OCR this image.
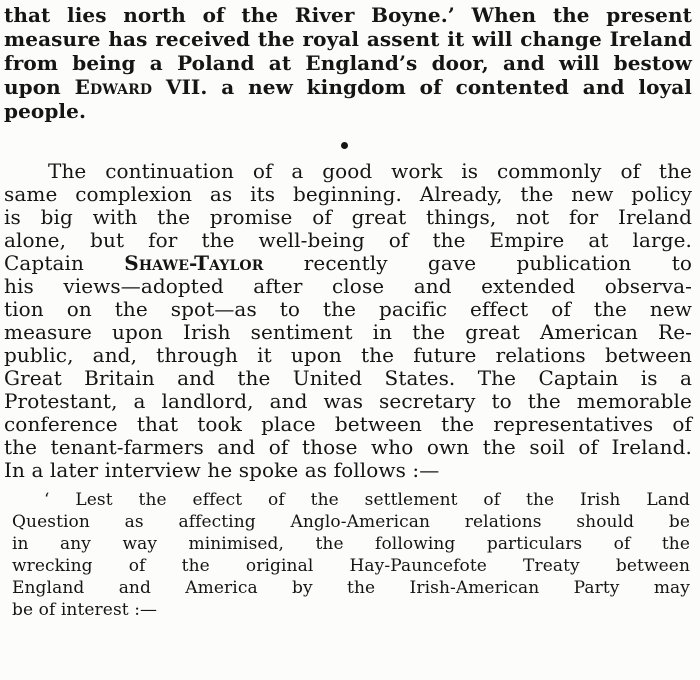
that lies north of the River Boyne.’ When the present
measure has received the royal assent it will change Ireland
from being a Poland at England’s door, and will bestow
upon Edward VII. a new kingdom of contented and loyal
people.
The continuation of a good work is commonly of the
same complexion as its beginning. Already, the new policy
is big with the promise of great things, not for Ireland
alone, but for the well-being of the Empire at large.
Captain Shawe-Taylor recently gave publication to
his views—adopted after close and extended observa-
tion on the spot—as to the pacific effect of the new
measure upon Irish sentiment in the great American Re-
public, and, through it upon the future relations between
Great Britain and the United States. The Captain is a
Protestant, a landlord, and was secretary to the memorable
conference that took place between the representatives of
the tenant-farmers and of those who own the soil of Ireland.
In a later interview he spoke as follows :—
‘ Lest the effect of the settlement of the Irish Land
Question as affecting Anglo-American relations should be
in any way minimised, the following particulars of the
wrecking of the original Hay-Pauncefote Treaty between
England and America by the Irish-American Party may
be of interest :—
